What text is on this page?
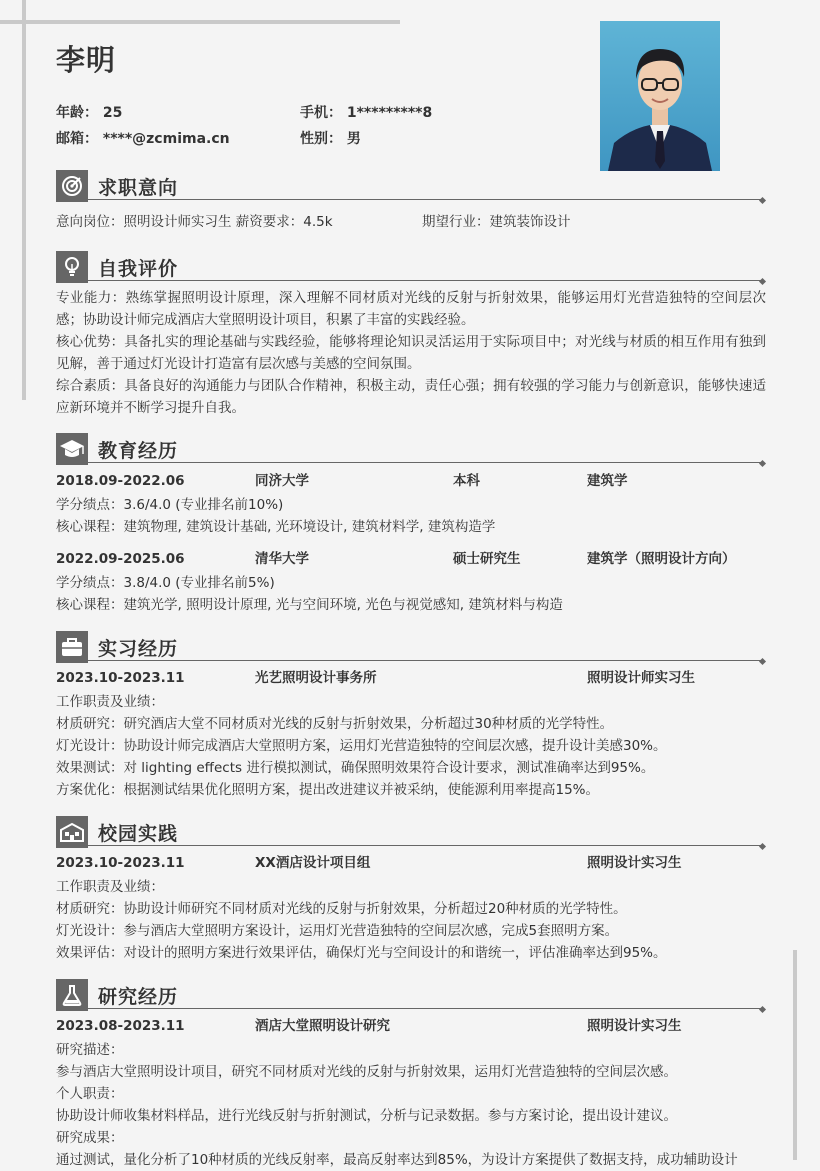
李明
年龄： 25	手机： 1*********8
邮箱： ****@zcmima.cn	性别： 男
求职意向
意向岗位：照明设计师实习生 薪资要求：4.5k	期望行业：建筑装饰设计
自我评价
专业能力：熟练掌握照明设计原理，深入理解不同材质对光线的反射与折射效果，能够运用灯光营造独特的空间层次感；协助设计师完成酒店大堂照明设计项目，积累了丰富的实践经验。
核心优势：具备扎实的理论基础与实践经验，能够将理论知识灵活运用于实际项目中；对光线与材质的相互作用有独到见解，善于通过灯光设计打造富有层次感与美感的空间氛围。
综合素质：具备良好的沟通能力与团队合作精神，积极主动，责任心强；拥有较强的学习能力与创新意识，能够快速适应新环境并不断学习提升自我。
教育经历
2018.09-2022.06	同济大学	本科	建筑学
学分绩点：3.6/4.0 (专业排名前10%)
核心课程：建筑物理, 建筑设计基础, 光环境设计, 建筑材料学, 建筑构造学
2022.09-2025.06	清华大学	硕士研究生	建筑学（照明设计方向）
学分绩点：3.8/4.0 (专业排名前5%)
核心课程：建筑光学, 照明设计原理, 光与空间环境, 光色与视觉感知, 建筑材料与构造
实习经历
2023.10-2023.11	光艺照明设计事务所	照明设计师实习生
工作职责及业绩：
材质研究：研究酒店大堂不同材质对光线的反射与折射效果，分析超过30种材质的光学特性。
灯光设计：协助设计师完成酒店大堂照明方案，运用灯光营造独特的空间层次感，提升设计美感30%。
效果测试：对 lighting effects 进行模拟测试，确保照明效果符合设计要求，测试准确率达到95%。
方案优化：根据测试结果优化照明方案，提出改进建议并被采纳，使能源利用率提高15%。
校园实践
2023.10-2023.11	XX酒店设计项目组	照明设计实习生
工作职责及业绩：
材质研究：协助设计师研究不同材质对光线的反射与折射效果，分析超过20种材质的光学特性。
灯光设计：参与酒店大堂照明方案设计，运用灯光营造独特的空间层次感，完成5套照明方案。
效果评估：对设计的照明方案进行效果评估，确保灯光与空间设计的和谐统一，评估准确率达到95%。
研究经历
2023.08-2023.11	酒店大堂照明设计研究	照明设计实习生
研究描述：
参与酒店大堂照明设计项目，研究不同材质对光线的反射与折射效果，运用灯光营造独特的空间层次感。
个人职责：
协助设计师收集材料样品，进行光线反射与折射测试，分析与记录数据。参与方案讨论，提出设计建议。
研究成果：
通过测试，量化分析了10种材质的光线反射率，最高反射率达到85%，为设计方案提供了数据支持，成功辅助设计
